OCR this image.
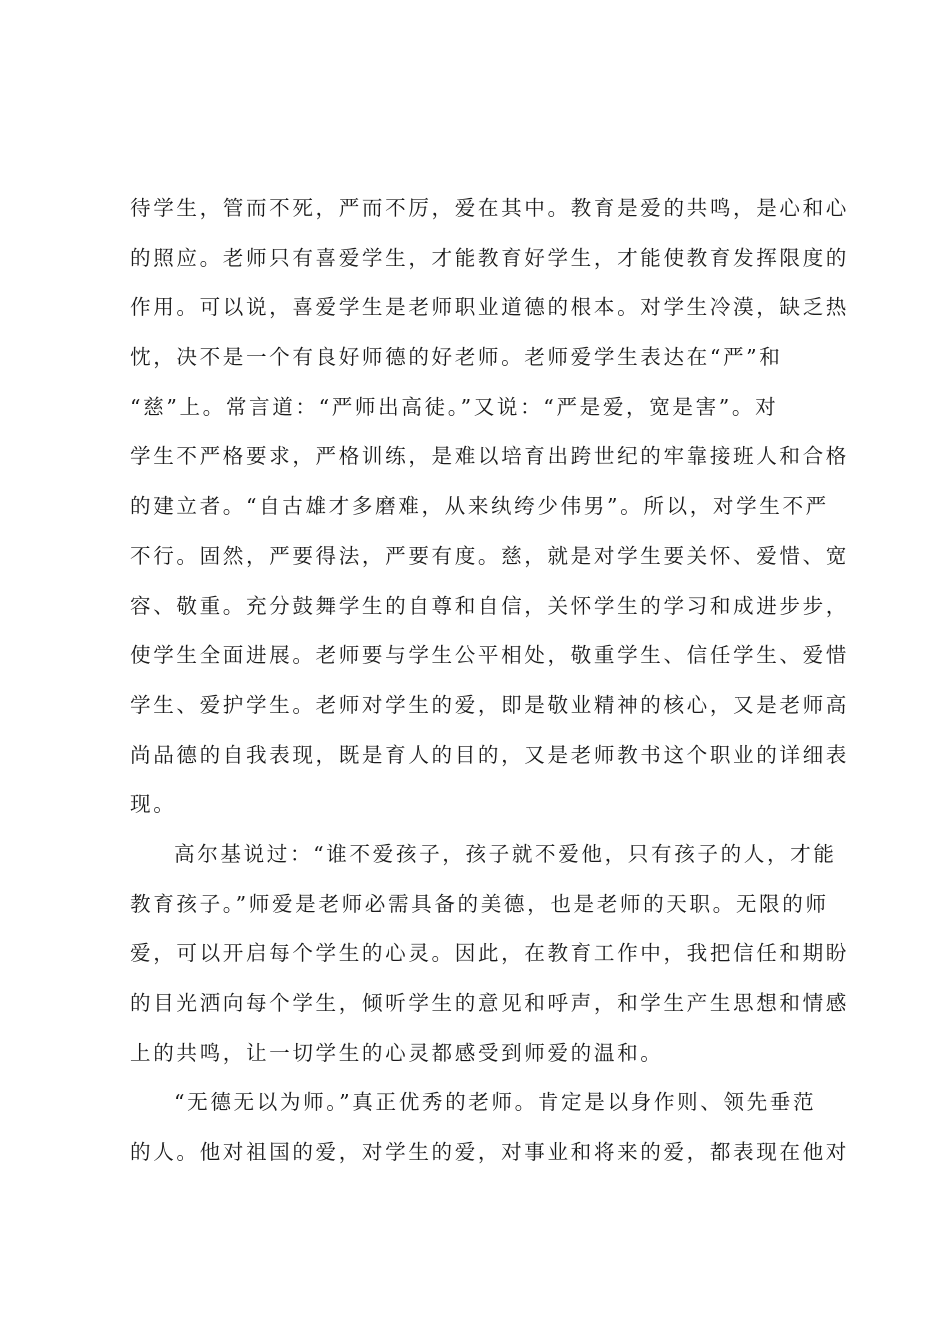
待学生，管而不死，严而不厉，爱在其中。教育是爱的共鸣，是心和心
的照应。老师只有喜爱学生，才能教育好学生，才能使教育发挥限度的
作用。可以说，喜爱学生是老师职业道德的根本。对学生冷漠，缺乏热
忱，决不是一个有良好师德的好老师。老师爱学生表达在“严”和
“慈”上。常言道：“严师出高徒。”又说：“严是爱，宽是害”。对
学生不严格要求，严格训练，是难以培育出跨世纪的牢靠接班人和合格
的建立者。“自古雄才多磨难，从来纨绔少伟男”。所以，对学生不严
不行。固然，严要得法，严要有度。慈，就是对学生要关怀、爱惜、宽
容、敬重。充分鼓舞学生的自尊和自信，关怀学生的学习和成进步步，
使学生全面进展。老师要与学生公平相处，敬重学生、信任学生、爱惜
学生、爱护学生。老师对学生的爱，即是敬业精神的核心，又是老师高
尚品德的自我表现，既是育人的目的，又是老师教书这个职业的详细表
现。
高尔基说过：“谁不爱孩子，孩子就不爱他，只有孩子的人，才能
教育孩子。”师爱是老师必需具备的美德，也是老师的天职。无限的师
爱，可以开启每个学生的心灵。因此，在教育工作中，我把信任和期盼
的目光洒向每个学生，倾听学生的意见和呼声，和学生产生思想和情感
上的共鸣，让一切学生的心灵都感受到师爱的温和。
“无德无以为师。”真正优秀的老师。肯定是以身作则、领先垂范
的人。他对祖国的爱，对学生的爱，对事业和将来的爱，都表现在他对
